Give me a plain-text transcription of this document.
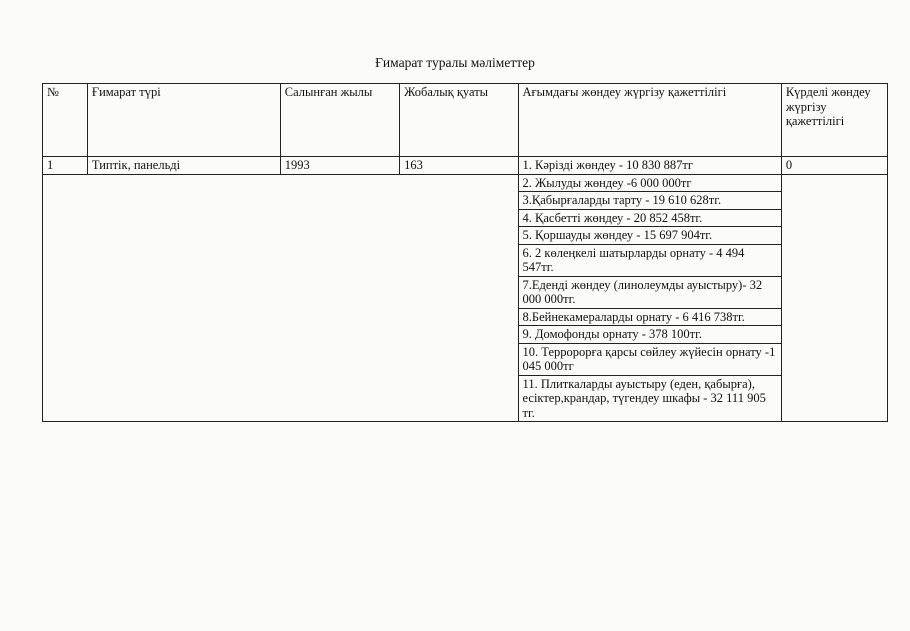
Ғимарат туралы мәліметтер
№	Ғимарат түрі	Салынған жылы	Жобалық қуаты	Ағымдағы жөндеу жүргізу қажеттілігі	Күрделі жөндеу жүргізу қажеттілігі
1	Типтік, панельді	1993	163	1. Кәрізді жөндеу - 10 830 887тг	0
				2. Жылуды жөндеу -6 000 000тг	
				3.Қабырғаларды тарту - 19 610 628тг.	
				4. Қасбетті жөндеу - 20 852 458тг.	
				5. Қоршауды жөндеу - 15 697 904тг.	
				6. 2 көлеңкелі шатырларды орнату - 4 494 547тг.	
				7.Еденді жөндеу (линолеумды ауыстыру)- 32 000 000тг.	
				8.Бейнекамераларды орнату - 6 416 738тг.	
				9. Домофонды орнату - 378 100тг.	
				10. Терророрға қарсы сөйлеу жүйесін орнату -1 045 000тг	
				11. Плиткаларды ауыстыру (еден, қабырға), есіктер,крандар, түгендеу шкафы - 32 111 905 тг.	
